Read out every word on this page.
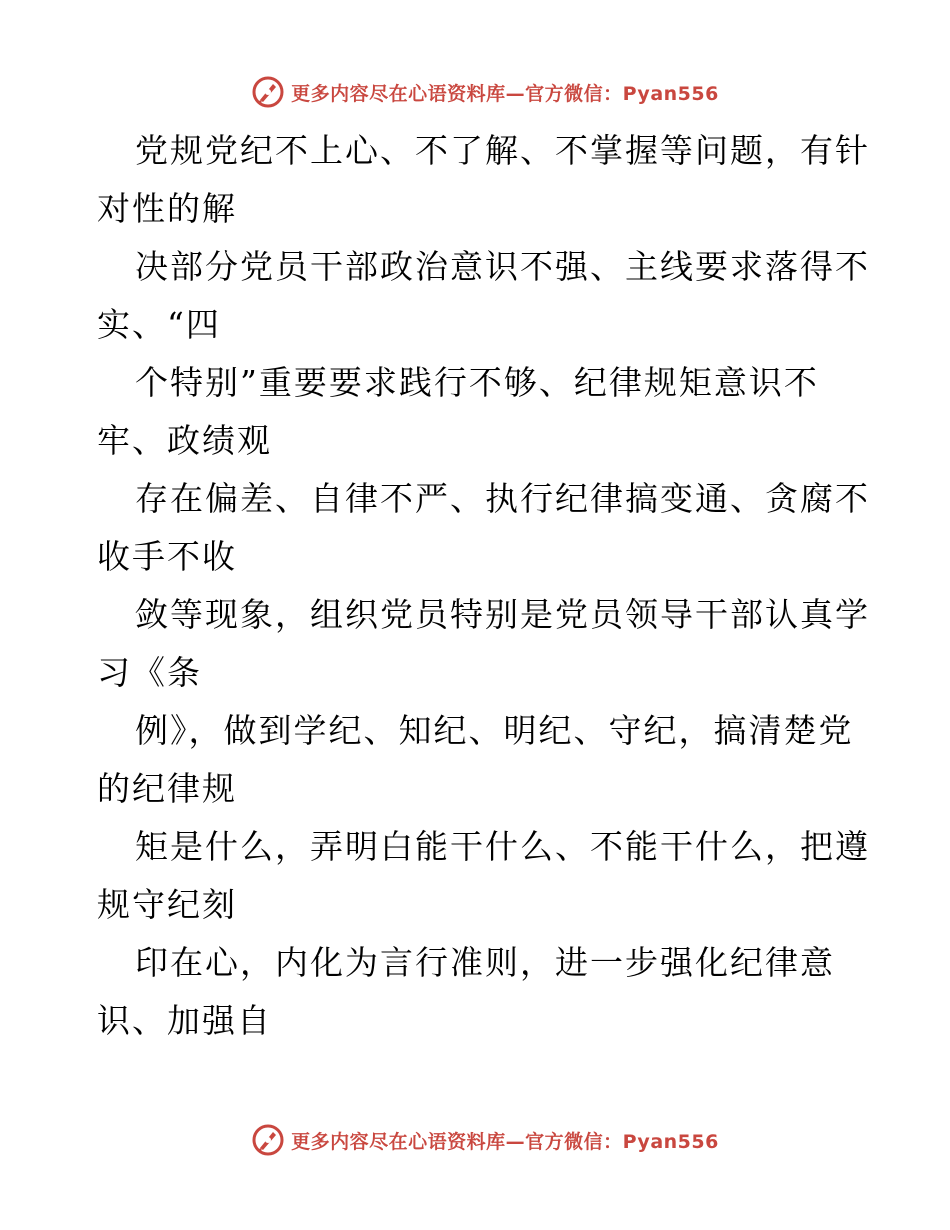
更多内容尽在心语资料库—官方微信：Pyan556
党规党纪不上心、不了解、不掌握等问题，有针
对性的解
决部分党员干部政治意识不强、主线要求落得不
实、“四
个特别”重要要求践行不够、纪律规矩意识不
牢、政绩观
存在偏差、自律不严、执行纪律搞变通、贪腐不
收手不收
敛等现象，组织党员特别是党员领导干部认真学
习《条
例》，做到学纪、知纪、明纪、守纪，搞清楚党
的纪律规
矩是什么，弄明白能干什么、不能干什么，把遵
规守纪刻
印在心，内化为言行准则，进一步强化纪律意
识、加强自
更多内容尽在心语资料库—官方微信：Pyan556
